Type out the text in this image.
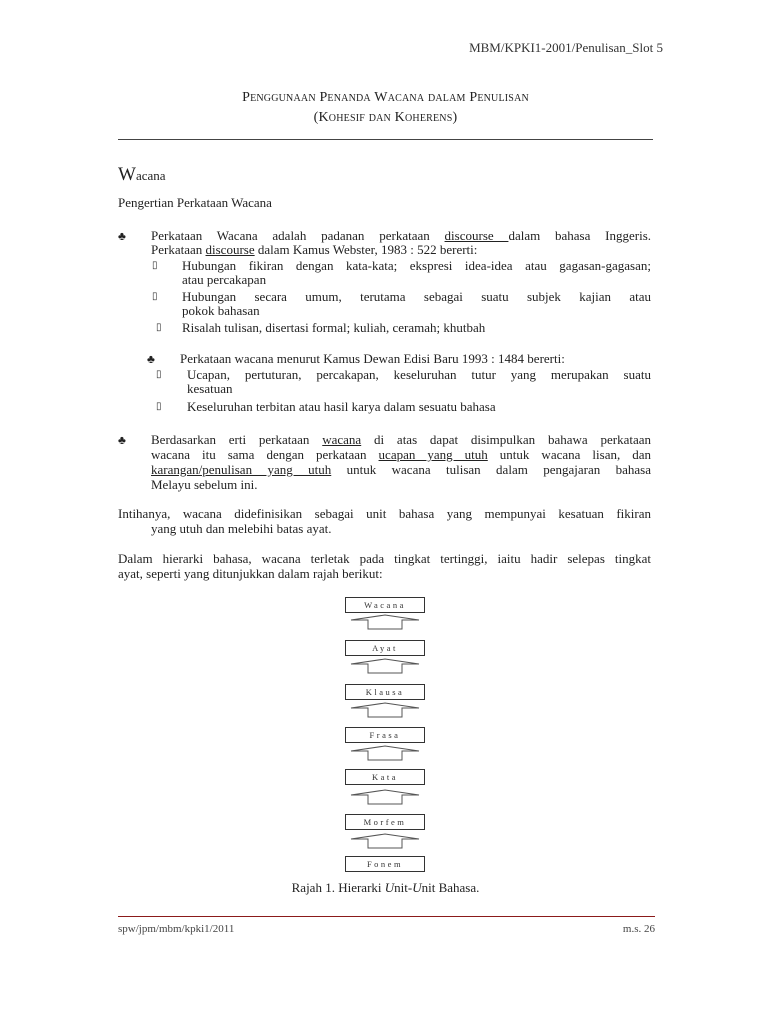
MBM/KPKI1-2001/Penulisan_Slot 5
Penggunaan Penanda Wacana dalam Penulisan
(Kohesif dan Koherens)
Wacana
Pengertian Perkataan Wacana
♣ Perkataan Wacana adalah padanan perkataan discourse dalam bahasa Inggeris.
Perkataan discourse dalam Kamus Webster, 1983 : 522 bererti:
▯ Hubungan fikiran dengan kata-kata; ekspresi idea-idea atau gagasan-gagasan;
atau percakapan
▯ Hubungan secara umum, terutama sebagai suatu subjek kajian atau
pokok bahasan
▯ Risalah tulisan, disertasi formal; kuliah, ceramah; khutbah
♣ Perkataan wacana menurut Kamus Dewan Edisi Baru 1993 : 1484 bererti:
▯ Ucapan, pertuturan, percakapan, keseluruhan tutur yang merupakan suatu
kesatuan
▯ Keseluruhan terbitan atau hasil karya dalam sesuatu bahasa
♣ Berdasarkan erti perkataan wacana di atas dapat disimpulkan bahawa perkataan
wacana itu sama dengan perkataan ucapan yang utuh untuk wacana lisan, dan
karangan/penulisan yang utuh untuk wacana tulisan dalam pengajaran bahasa
Melayu sebelum ini.
Intihanya, wacana didefinisikan sebagai unit bahasa yang mempunyai kesatuan fikiran
yang utuh dan melebihi batas ayat.
Dalam hierarki bahasa, wacana terletak pada tingkat tertinggi, iaitu hadir selepas tingkat
ayat, seperti yang ditunjukkan dalam rajah berikut:
Wacana
Ayat
Klausa
Frasa
Kata
Morfem
Fonem
Rajah 1. Hierarki Unit-Unit Bahasa.
spw/jpm/mbm/kpki1/2011	m.s. 26
